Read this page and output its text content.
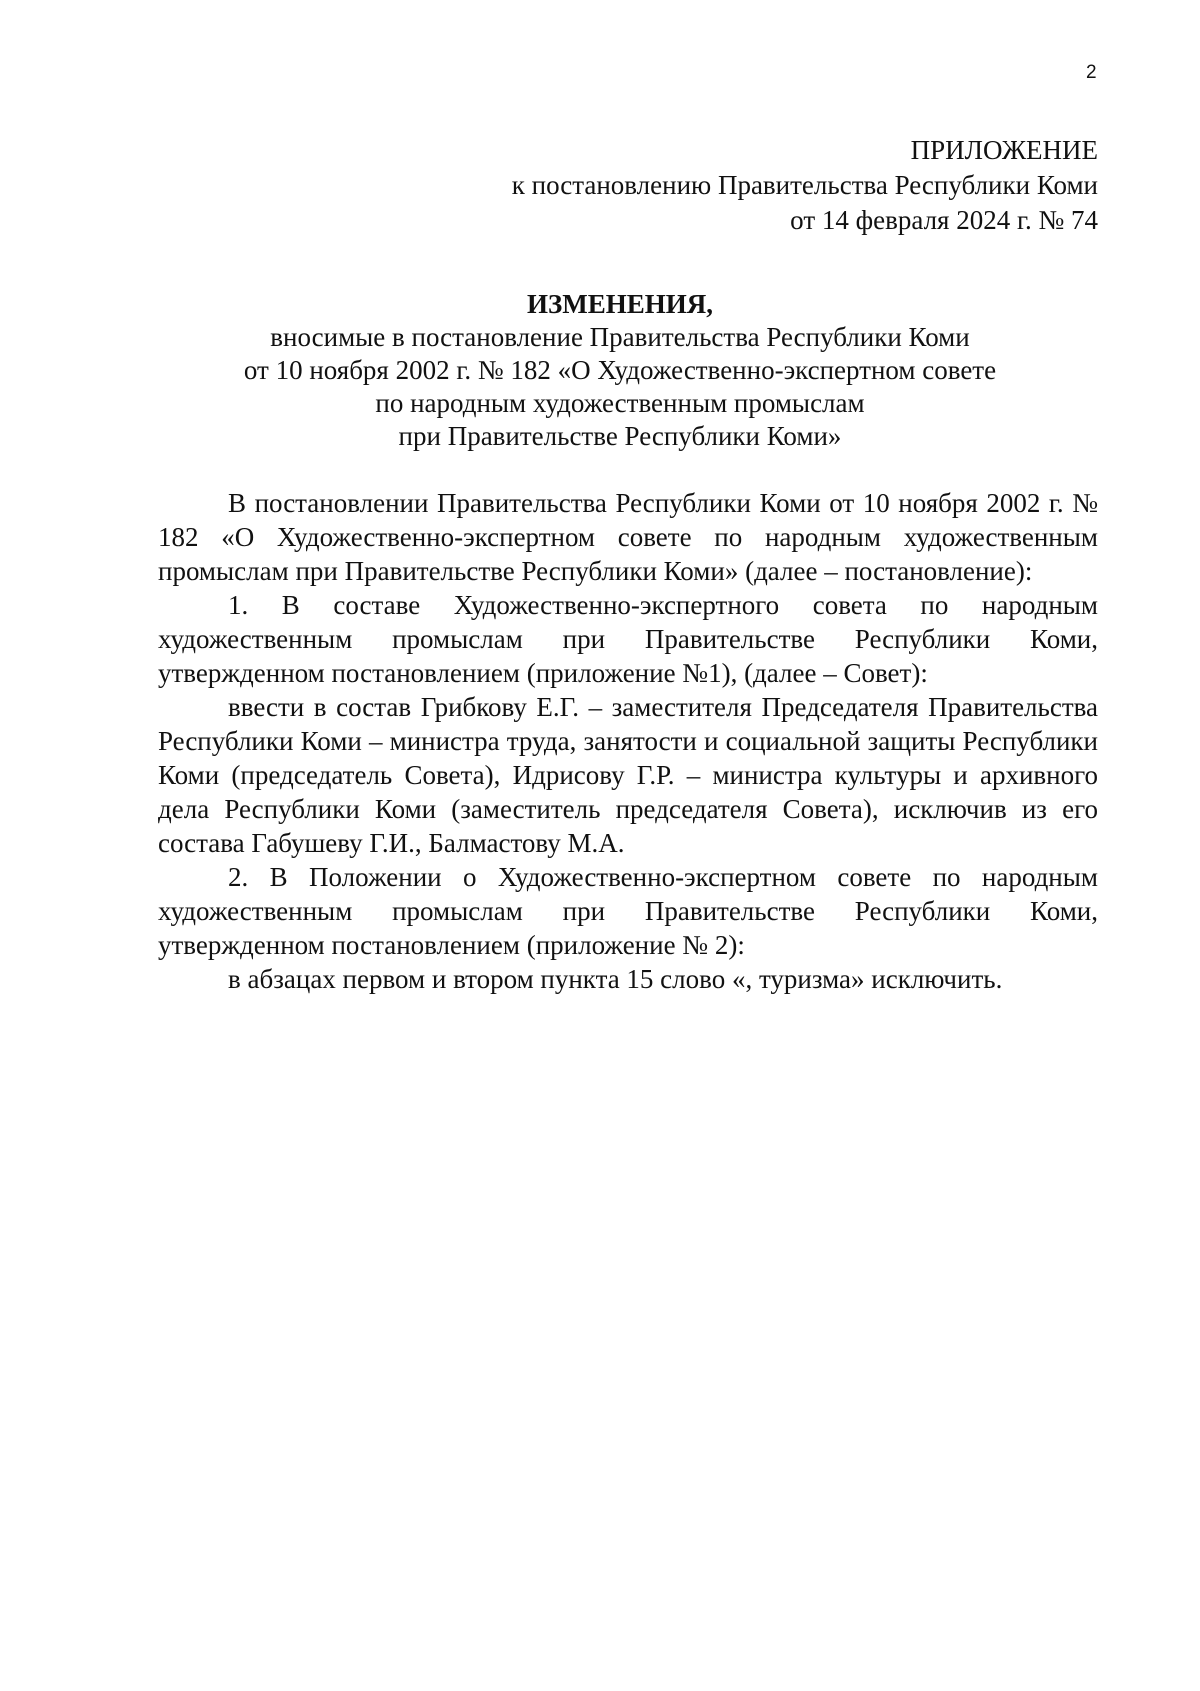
2
ПРИЛОЖЕНИЕ
к постановлению Правительства Республики Коми
от 14 февраля 2024 г. № 74
ИЗМЕНЕНИЯ,
вносимые в постановление Правительства Республики Коми
от 10 ноября 2002 г. № 182 «О Художественно-экспертном совете
по народным художественным промыслам
при Правительстве Республики Коми»

В постановлении Правительства Республики Коми от 10 ноября 2002 г. № 182 «О Художественно-экспертном совете по народным художественным промыслам при Правительстве Республики Коми» (далее – постановление):

1. В составе Художественно-экспертного совета по народным художественным промыслам при Правительстве Республики Коми, утвержденном постановлением (приложение №1), (далее – Совет):

ввести в состав Грибкову Е.Г. – заместителя Председателя Правительства Республики Коми – министра труда, занятости и социальной защиты Республики Коми (председатель Совета), Идрисову Г.Р. – министра культуры и архивного дела Республики Коми (заместитель председателя Совета), исключив из его состава Габушеву Г.И., Балмастову М.А.

2. В Положении о Художественно-экспертном совете по народным художественным промыслам при Правительстве Республики Коми, утвержденном постановлением (приложение № 2):

в абзацах первом и втором пункта 15 слово «, туризма» исключить.
